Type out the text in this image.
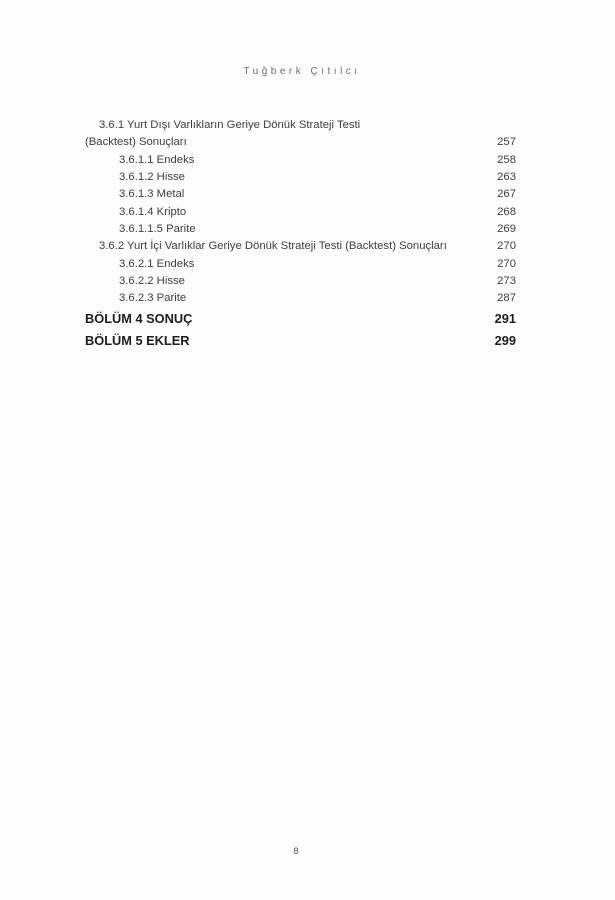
Tuğberk Çıtılcı
3.6.1 Yurt Dışı Varlıkların Geriye Dönük Strateji Testi
(Backtest) Sonuçları	257
3.6.1.1 Endeks	258
3.6.1.2 Hisse	263
3.6.1.3 Metal	267
3.6.1.4 Kripto	268
3.6.1.1.5 Parite	269
3.6.2 Yurt İçi Varlıklar Geriye Dönük Strateji Testi (Backtest) Sonuçları	270
3.6.2.1 Endeks	270
3.6.2.2 Hisse	273
3.6.2.3 Parite	287
BÖLÜM 4 SONUÇ	291
BÖLÜM 5 EKLER	299
8
